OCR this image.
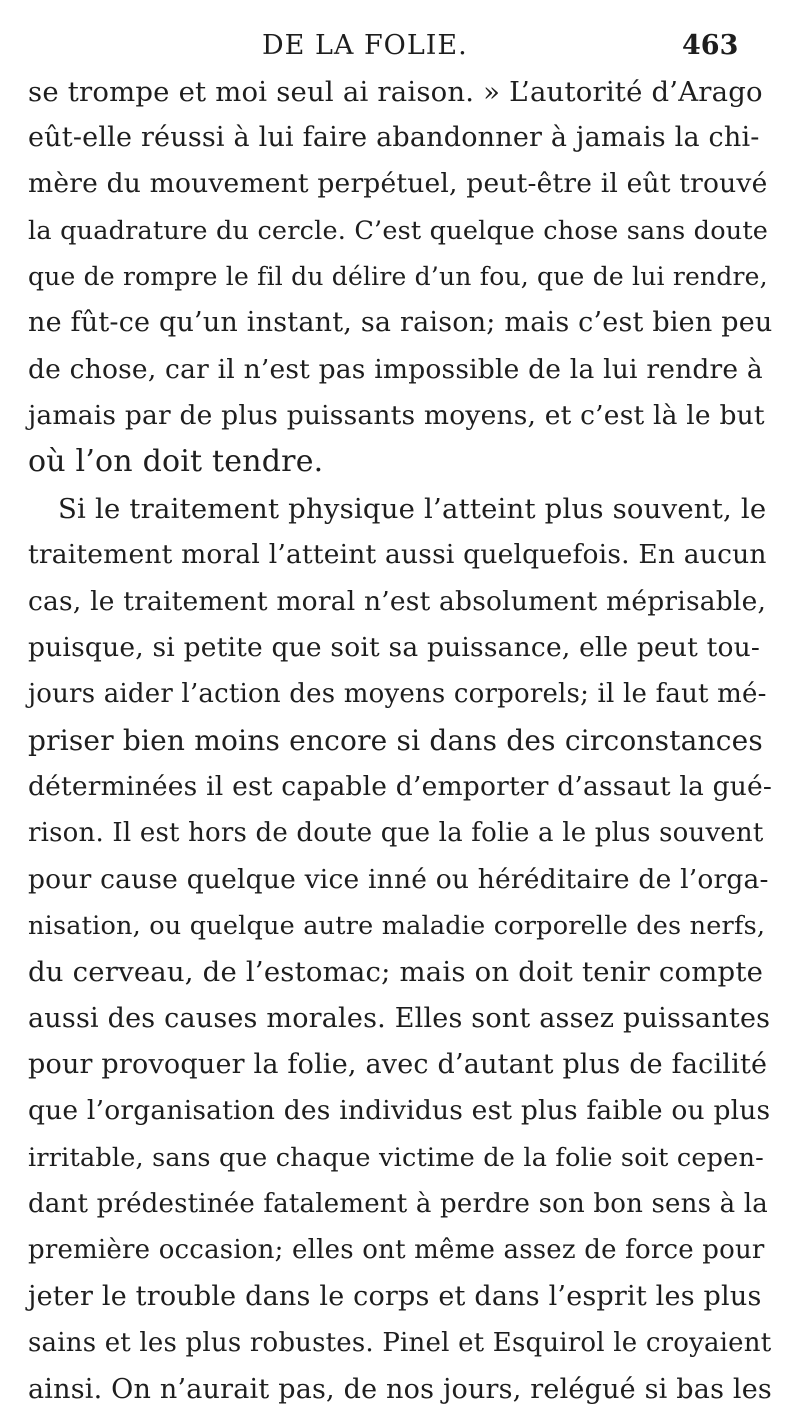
DE LA FOLIE.	463
se trompe et moi seul ai raison. » L’autorité d’Arago
eût-elle réussi à lui faire abandonner à jamais la chi-
mère du mouvement perpétuel, peut-être il eût trouvé
la quadrature du cercle. C’est quelque chose sans doute
que de rompre le fil du délire d’un fou, que de lui rendre,
ne fût-ce qu’un instant, sa raison; mais c’est bien peu
de chose, car il n’est pas impossible de la lui rendre à
jamais par de plus puissants moyens, et c’est là le but
où l’on doit tendre.
Si le traitement physique l’atteint plus souvent, le
traitement moral l’atteint aussi quelquefois. En aucun
cas, le traitement moral n’est absolument méprisable,
puisque, si petite que soit sa puissance, elle peut tou-
jours aider l’action des moyens corporels; il le faut mé-
priser bien moins encore si dans des circonstances
déterminées il est capable d’emporter d’assaut la gué-
rison. Il est hors de doute que la folie a le plus souvent
pour cause quelque vice inné ou héréditaire de l’orga-
nisation, ou quelque autre maladie corporelle des nerfs,
du cerveau, de l’estomac; mais on doit tenir compte
aussi des causes morales. Elles sont assez puissantes
pour provoquer la folie, avec d’autant plus de facilité
que l’organisation des individus est plus faible ou plus
irritable, sans que chaque victime de la folie soit cepen-
dant prédestinée fatalement à perdre son bon sens à la
première occasion; elles ont même assez de force pour
jeter le trouble dans le corps et dans l’esprit les plus
sains et les plus robustes. Pinel et Esquirol le croyaient
ainsi. On n’aurait pas, de nos jours, relégué si bas les
